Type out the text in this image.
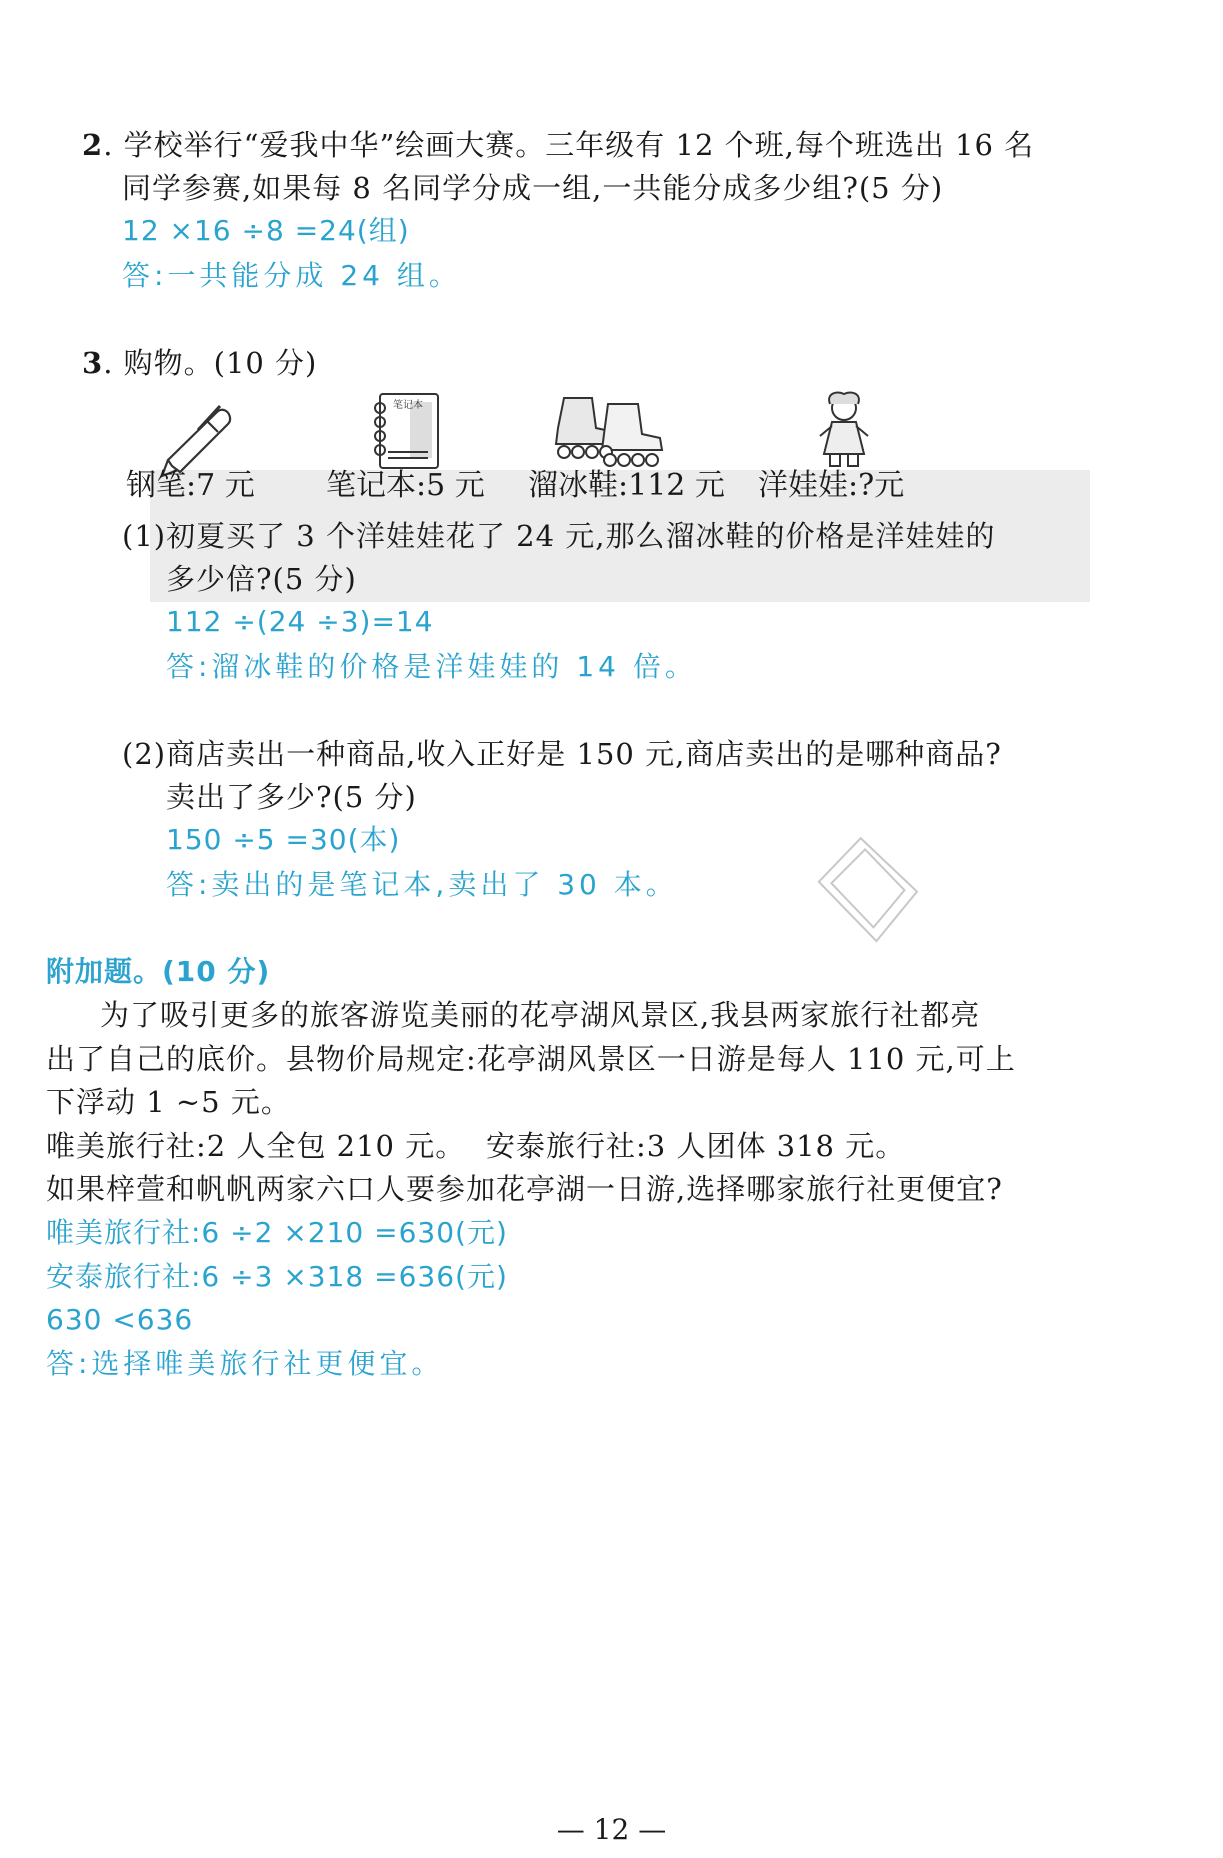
2. 学校举行“爱我中华”绘画大赛。三年级有 12 个班,每个班选出 16 名
同学参赛,如果每 8 名同学分成一组,一共能分成多少组?(5 分)
12 ×16 ÷8 =24(组)
答:一共能分成 24 组。
3. 购物。(10 分)
笔记本
钢笔:7 元 笔记本:5 元 溜冰鞋:112 元 洋娃娃:?元
(1)初夏买了 3 个洋娃娃花了 24 元,那么溜冰鞋的价格是洋娃娃的
多少倍?(5 分)
112 ÷(24 ÷3)=14
答:溜冰鞋的价格是洋娃娃的 14 倍。
(2)商店卖出一种商品,收入正好是 150 元,商店卖出的是哪种商品?
卖出了多少?(5 分)
150 ÷5 =30(本)
答:卖出的是笔记本,卖出了 30 本。
附加题。(10 分)
为了吸引更多的旅客游览美丽的花亭湖风景区,我县两家旅行社都亮
出了自己的底价。县物价局规定:花亭湖风景区一日游是每人 110 元,可上
下浮动 1 ~5 元。
唯美旅行社:2 人全包 210 元。 安泰旅行社:3 人团体 318 元。
如果梓萱和帆帆两家六口人要参加花亭湖一日游,选择哪家旅行社更便宜?
唯美旅行社:6 ÷2 ×210 =630(元)
安泰旅行社:6 ÷3 ×318 =636(元)
630 <636
答:选择唯美旅行社更便宜。
— 12 —
